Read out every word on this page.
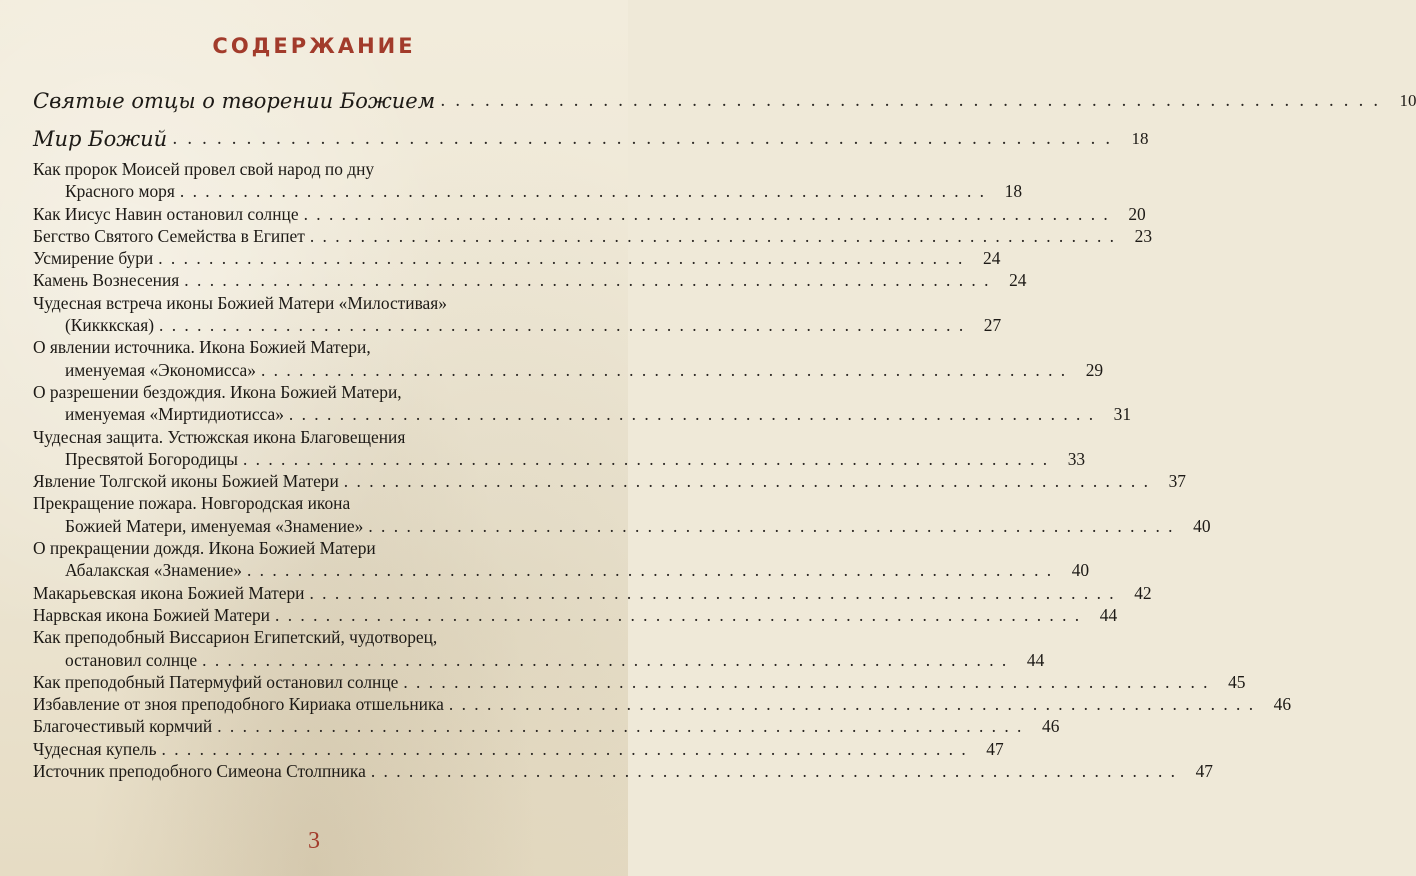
СОДЕРЖАНИЕ
Святые отцы о творении Божием . . . . . . . . . . . . . . . . . . . . . . . . . . . . . . . . . . . . . . . . . . . . . . . . . . . . . . . . . . . . . . . .	10
Мир Божий . . . . . . . . . . . . . . . . . . . . . . . . . . . . . . . . . . . . . . . . . . . . . . . . . . . . . . . . . . . . . . . .	18
Как пророк Моисей провел свой народ по дну
Красного моря . . . . . . . . . . . . . . . . . . . . . . . . . . . . . . . . . . . . . . . . . . . . . . . . . . . . . . . . . . . . . . . .	18
Как Иисус Навин остановил солнце . . . . . . . . . . . . . . . . . . . . . . . . . . . . . . . . . . . . . . . . . . . . . . . . . . . . . . . . . . . . . . . .	20
Бегство Святого Семейства в Египет . . . . . . . . . . . . . . . . . . . . . . . . . . . . . . . . . . . . . . . . . . . . . . . . . . . . . . . . . . . . . . . .	23
Усмирение бури . . . . . . . . . . . . . . . . . . . . . . . . . . . . . . . . . . . . . . . . . . . . . . . . . . . . . . . . . . . . . . . .	24
Камень Вознесения . . . . . . . . . . . . . . . . . . . . . . . . . . . . . . . . . . . . . . . . . . . . . . . . . . . . . . . . . . . . . . . .	24
Чудесная встреча иконы Божией Матери «Милостивая»
(Кикккская) . . . . . . . . . . . . . . . . . . . . . . . . . . . . . . . . . . . . . . . . . . . . . . . . . . . . . . . . . . . . . . . .	27
О явлении источника. Икона Божией Матери,
именуемая «Экономисса» . . . . . . . . . . . . . . . . . . . . . . . . . . . . . . . . . . . . . . . . . . . . . . . . . . . . . . . . . . . . . . . .	29
О разрешении бездождия. Икона Божией Матери,
именуемая «Миртидиотисса» . . . . . . . . . . . . . . . . . . . . . . . . . . . . . . . . . . . . . . . . . . . . . . . . . . . . . . . . . . . . . . . .	31
Чудесная защита. Устюжская икона Благовещения
Пресвятой Богородицы . . . . . . . . . . . . . . . . . . . . . . . . . . . . . . . . . . . . . . . . . . . . . . . . . . . . . . . . . . . . . . . .	33
Явление Толгской иконы Божией Матери . . . . . . . . . . . . . . . . . . . . . . . . . . . . . . . . . . . . . . . . . . . . . . . . . . . . . . . . . . . . . . . .	37
Прекращение пожара. Новгородская икона
Божией Матери, именуемая «Знамение» . . . . . . . . . . . . . . . . . . . . . . . . . . . . . . . . . . . . . . . . . . . . . . . . . . . . . . . . . . . . . . . .	40
О прекращении дождя. Икона Божией Матери
Абалакская «Знамение» . . . . . . . . . . . . . . . . . . . . . . . . . . . . . . . . . . . . . . . . . . . . . . . . . . . . . . . . . . . . . . . .	40
Макарьевская икона Божией Матери . . . . . . . . . . . . . . . . . . . . . . . . . . . . . . . . . . . . . . . . . . . . . . . . . . . . . . . . . . . . . . . .	42
Нарвская икона Божией Матери . . . . . . . . . . . . . . . . . . . . . . . . . . . . . . . . . . . . . . . . . . . . . . . . . . . . . . . . . . . . . . . .	44
Как преподобный Виссарион Египетский, чудотворец,
остановил солнце . . . . . . . . . . . . . . . . . . . . . . . . . . . . . . . . . . . . . . . . . . . . . . . . . . . . . . . . . . . . . . . .	44
Как преподобный Патермуфий остановил солнце . . . . . . . . . . . . . . . . . . . . . . . . . . . . . . . . . . . . . . . . . . . . . . . . . . . . . . . . . . . . . . . .	45
Избавление от зноя преподобного Кириака отшельника . . . . . . . . . . . . . . . . . . . . . . . . . . . . . . . . . . . . . . . . . . . . . . . . . . . . . . . . . . . . . . . .	46
Благочестивый кормчий . . . . . . . . . . . . . . . . . . . . . . . . . . . . . . . . . . . . . . . . . . . . . . . . . . . . . . . . . . . . . . . .	46
Чудесная купель . . . . . . . . . . . . . . . . . . . . . . . . . . . . . . . . . . . . . . . . . . . . . . . . . . . . . . . . . . . . . . . .	47
Источник преподобного Симеона Столпника . . . . . . . . . . . . . . . . . . . . . . . . . . . . . . . . . . . . . . . . . . . . . . . . . . . . . . . . . . . . . . . .	47
3
